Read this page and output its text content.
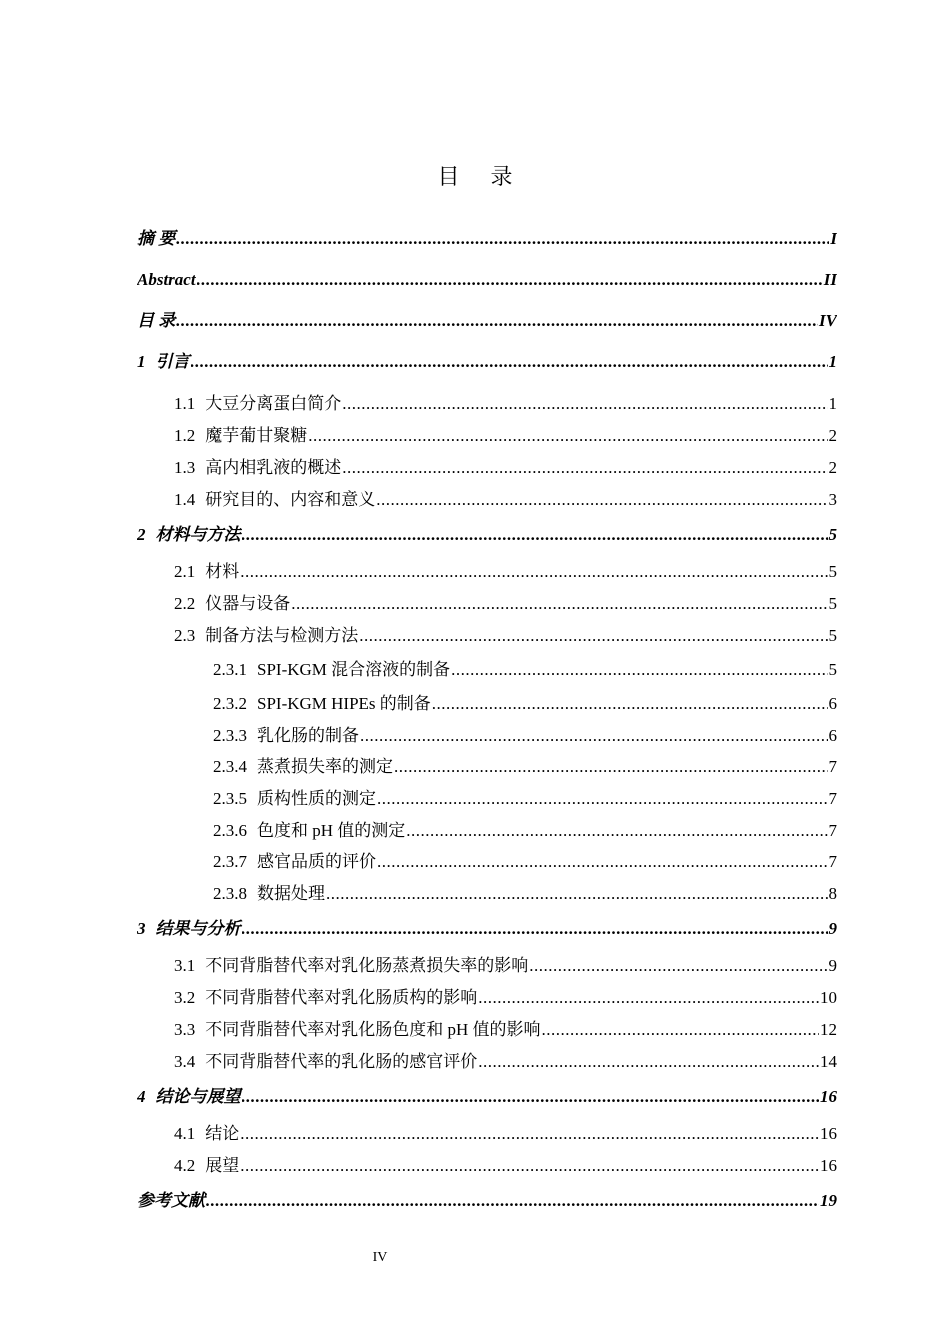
目 录
摘 要 .....	I
Abstract .....	II
目 录 .....	IV
1 引言 .....	1
1.1 大豆分离蛋白简介 .....	1
1.2 魔芋葡甘聚糖 .....	2
1.3 高内相乳液的概述 .....	2
1.4 研究目的、内容和意义 .....	3
2 材料与方法 .....	5
2.1 材料 .....	5
2.2 仪器与设备 .....	5
2.3 制备方法与检测方法 .....	5
2.3.1 SPI-KGM 混合溶液的制备 .....	5
2.3.2 SPI-KGM HIPEs 的制备 .....	6
2.3.3 乳化肠的制备 .....	6
2.3.4 蒸煮损失率的测定 .....	7
2.3.5 质构性质的测定 .....	7
2.3.6 色度和 pH 值的测定 .....	7
2.3.7 感官品质的评价 .....	7
2.3.8 数据处理 .....	8
3 结果与分析 .....	9
3.1 不同背脂替代率对乳化肠蒸煮损失率的影响 .....	9
3.2 不同背脂替代率对乳化肠质构的影响 .....	10
3.3 不同背脂替代率对乳化肠色度和 pH 值的影响 .....	12
3.4 不同背脂替代率的乳化肠的感官评价 .....	14
4 结论与展望 .....	16
4.1 结论 .....	16
4.2 展望 .....	16
参考文献 .....	19
IV
